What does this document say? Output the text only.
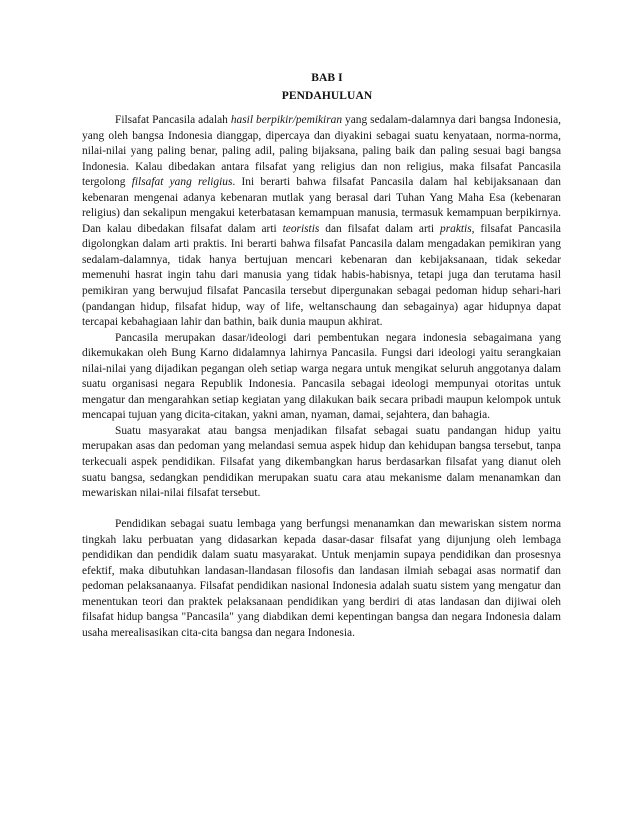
BAB I
PENDAHULUAN

Filsafat Pancasila adalah hasil berpikir/pemikiran yang sedalam-dalamnya dari bangsa Indonesia, yang oleh bangsa Indonesia dianggap, dipercaya dan diyakini sebagai suatu kenyataan, norma-norma, nilai-nilai yang paling benar, paling adil, paling bijaksana, paling baik dan paling sesuai bagi bangsa Indonesia. Kalau dibedakan antara filsafat yang religius dan non religius, maka filsafat Pancasila tergolong filsafat yang religius. Ini berarti bahwa filsafat Pancasila dalam hal kebijaksanaan dan kebenaran mengenai adanya kebenaran mutlak yang berasal dari Tuhan Yang Maha Esa (kebenaran religius) dan sekalipun mengakui keterbatasan kemampuan manusia, termasuk kemampuan berpikirnya. Dan kalau dibedakan filsafat dalam arti teoristis dan filsafat dalam arti praktis, filsafat Pancasila digolongkan dalam arti praktis. Ini berarti bahwa filsafat Pancasila dalam mengadakan pemikiran yang sedalam-dalamnya, tidak hanya bertujuan mencari kebenaran dan kebijaksanaan, tidak sekedar memenuhi hasrat ingin tahu dari manusia yang tidak habis-habisnya, tetapi juga dan terutama hasil pemikiran yang berwujud filsafat Pancasila tersebut dipergunakan sebagai pedoman hidup sehari-hari (pandangan hidup, filsafat hidup, way of life, weltanschaung dan sebagainya) agar hidupnya dapat tercapai kebahagiaan lahir dan bathin, baik dunia maupun akhirat.

Pancasila merupakan dasar/ideologi dari pembentukan negara indonesia sebagaimana yang dikemukakan oleh Bung Karno didalamnya lahirnya Pancasila. Fungsi dari ideologi yaitu serangkaian nilai-nilai yang dijadikan pegangan oleh setiap warga negara untuk mengikat seluruh anggotanya dalam suatu organisasi negara Republik Indonesia. Pancasila sebagai ideologi mempunyai otoritas untuk mengatur dan mengarahkan setiap kegiatan yang dilakukan baik secara pribadi maupun kelompok untuk mencapai tujuan yang dicita-citakan, yakni aman, nyaman, damai, sejahtera, dan bahagia.

Suatu masyarakat atau bangsa menjadikan filsafat sebagai suatu pandangan hidup yaitu merupakan asas dan pedoman yang melandasi semua aspek hidup dan kehidupan bangsa tersebut, tanpa terkecuali aspek pendidikan. Filsafat yang dikembangkan harus berdasarkan filsafat yang dianut oleh suatu bangsa, sedangkan pendidikan merupakan suatu cara atau mekanisme dalam menanamkan dan mewariskan nilai-nilai filsafat tersebut.

Pendidikan sebagai suatu lembaga yang berfungsi menanamkan dan mewariskan sistem norma tingkah laku perbuatan yang didasarkan kepada dasar-dasar filsafat yang dijunjung oleh lembaga pendidikan dan pendidik dalam suatu masyarakat. Untuk menjamin supaya pendidikan dan prosesnya efektif, maka dibutuhkan landasan-llandasan filosofis dan landasan ilmiah sebagai asas normatif dan pedoman pelaksanaanya. Filsafat pendidikan nasional Indonesia adalah suatu sistem yang mengatur dan menentukan teori dan praktek pelaksanaan pendidikan yang berdiri di atas landasan dan dijiwai oleh filsafat hidup bangsa "Pancasila" yang diabdikan demi kepentingan bangsa dan negara Indonesia dalam usaha merealisasikan cita-cita bangsa dan negara Indonesia.
